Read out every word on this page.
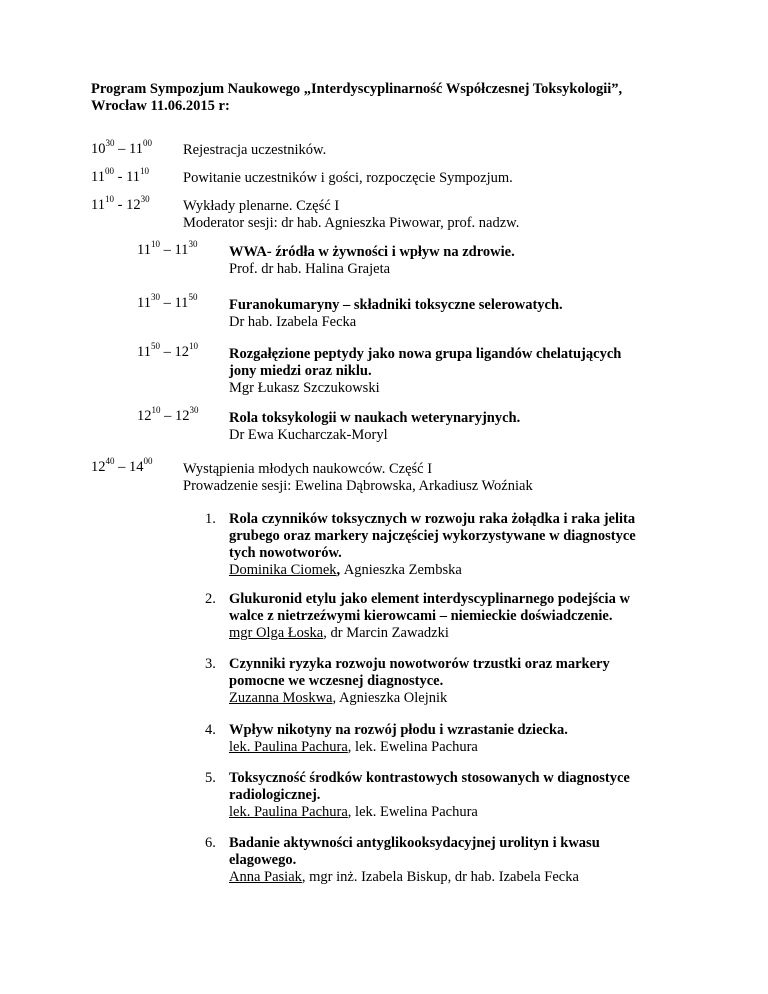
Program Sympozjum Naukowego „Interdyscyplinarność Współczesnej Toksykologii”,
Wrocław 11.06.2015 r:
$10^{30} - 11^{00}$ Rejestracja uczestników.
$11^{00} - 11^{10}$ Powitanie uczestników i gości, rozpoczęcie Sympozjum.
$11^{10} - 12^{30}$ Wykłady plenarne. Część I
Moderator sesji: dr hab. Agnieszka Piwowar, prof. nadzw.
$11^{10} - 11^{30}$ WWA- źródła w żywności i wpływ na zdrowie.
Prof. dr hab. Halina Grajeta
$11^{30} - 11^{50}$ Furanokumaryny – składniki toksyczne selerowatych.
Dr hab. Izabela Fecka
$11^{50} - 12^{10}$ Rozgałęzione peptydy jako nowa grupa ligandów chelatujących
jony miedzi oraz niklu.
Mgr Łukasz Szczukowski
$12^{10} - 12^{30}$ Rola toksykologii w naukach weterynaryjnych.
Dr Ewa Kucharczak-Moryl
$12^{40} - 14^{00}$ Wystąpienia młodych naukowców. Część I
Prowadzenie sesji: Ewelina Dąbrowska, Arkadiusz Woźniak
1. Rola czynników toksycznych w rozwoju raka żołądka i raka jelita
grubego oraz markery najczęściej wykorzystywane w diagnostyce
tych nowotworów.
Dominika Ciomek, Agnieszka Zembska
2. Glukuronid etylu jako element interdyscyplinarnego podejścia w
walce z nietrzeźwymi kierowcami – niemieckie doświadczenie.
mgr Olga Łoska, dr Marcin Zawadzki
3. Czynniki ryzyka rozwoju nowotworów trzustki oraz markery
pomocne we wczesnej diagnostyce.
Zuzanna Moskwa, Agnieszka Olejnik
4. Wpływ nikotyny na rozwój płodu i wzrastanie dziecka.
lek. Paulina Pachura, lek. Ewelina Pachura
5. Toksyczność środków kontrastowych stosowanych w diagnostyce
radiologicznej.
lek. Paulina Pachura, lek. Ewelina Pachura
6. Badanie aktywności antyglikooksydacyjnej urolityn i kwasu
elagowego.
Anna Pasiak, mgr inż. Izabela Biskup, dr hab. Izabela Fecka
